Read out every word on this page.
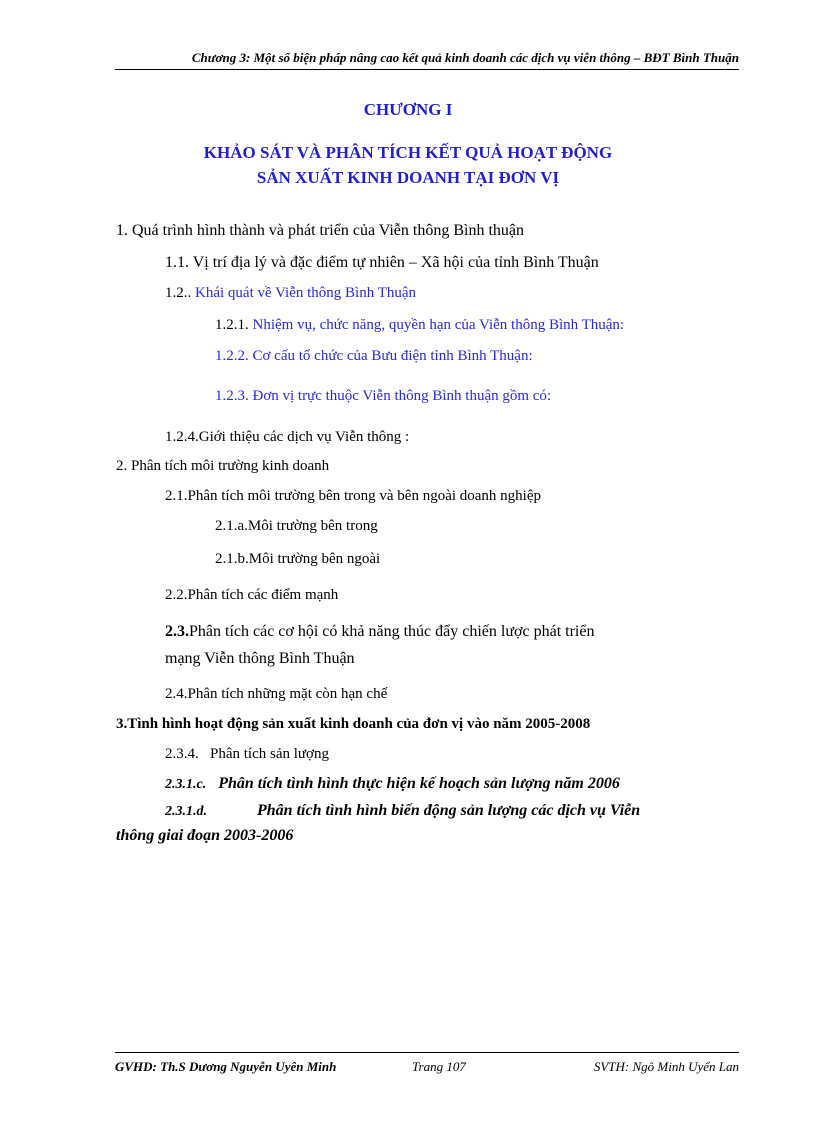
Chương 3: Một số biện pháp nâng cao kết quả kinh doanh các dịch vụ viễn thông – BĐT Bình Thuận
CHƯƠNG I
KHẢO SÁT VÀ PHÂN TÍCH KẾT QUẢ HOẠT ĐỘNG
SẢN XUẤT KINH DOANH TẠI ĐƠN VỊ
1. Quá trình hình thành và phát triển của Viễn thông Bình thuận
1.1. Vị trí địa lý và đặc điểm tự nhiên – Xã hội của tỉnh Bình Thuận
1.2.. Khái quát về Viễn thông Bình Thuận
1.2.1. Nhiệm vụ, chức năng, quyền hạn của Viễn thông Bình Thuận:
1.2.2. Cơ cấu tổ chức của Bưu điện tỉnh Bình Thuận:
1.2.3. Đơn vị trực thuộc Viễn thông Bình thuận gồm có:
1.2.4.Giới thiệu các dịch vụ Viễn thông :
2. Phân tích môi trường kinh doanh
2.1.Phân tích môi trường bên trong và bên ngoài doanh nghiệp
2.1.a.Môi trường bên trong
2.1.b.Môi trường bên ngoài
2.2.Phân tích các điểm mạnh
2.3.Phân tích các cơ hội có khả năng thúc đẩy chiến lược phát triển
mạng Viễn thông Bình Thuận
2.4.Phân tích những mặt còn hạn chế
3.Tình hình hoạt động sản xuất kinh doanh của đơn vị vào năm 2005-2008
2.3.4. Phân tích sản lượng
2.3.1.c. Phân tích tình hình thực hiện kế hoạch sản lượng năm 2006
2.3.1.d.	Phân tích tình hình biến động sản lượng các dịch vụ Viễn
thông giai đoạn 2003-2006
GVHD: Th.S Dương Nguyễn Uyên Minh	Trang 107	SVTH: Ngô Minh Uyển Lan
